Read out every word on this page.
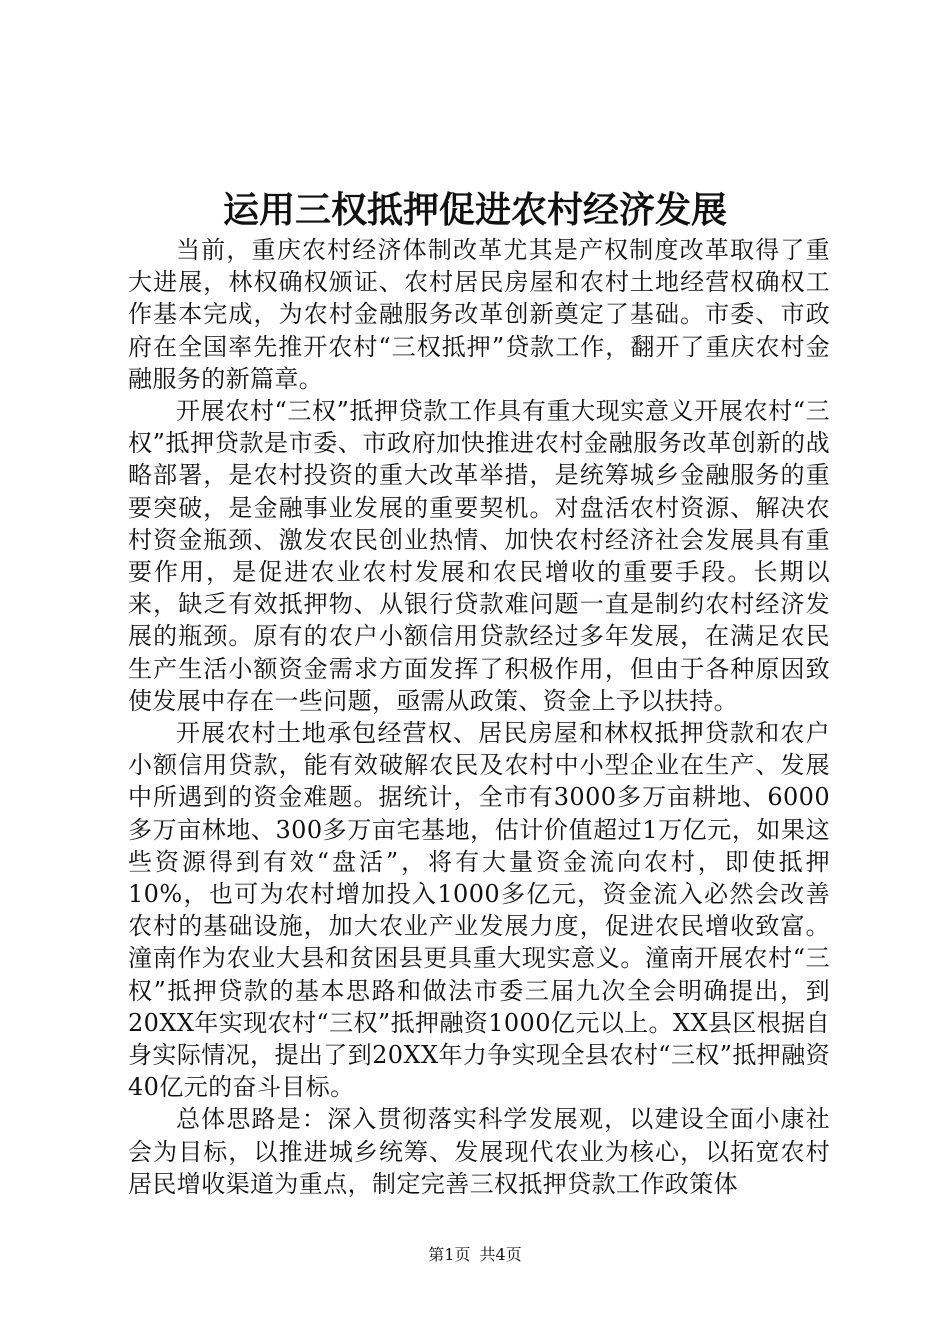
运用三权抵押促进农村经济发展

当前，重庆农村经济体制改革尤其是产权制度改革取得了重大进展，林权确权颁证、农村居民房屋和农村土地经营权确权工作基本完成，为农村金融服务改革创新奠定了基础。市委、市政府在全国率先推开农村“三权抵押”贷款工作，翻开了重庆农村金融服务的新篇章。

开展农村“三权”抵押贷款工作具有重大现实意义开展农村“三权”抵押贷款是市委、市政府加快推进农村金融服务改革创新的战略部署，是农村投资的重大改革举措，是统筹城乡金融服务的重要突破，是金融事业发展的重要契机。对盘活农村资源、解决农村资金瓶颈、激发农民创业热情、加快农村经济社会发展具有重要作用，是促进农业农村发展和农民增收的重要手段。长期以来，缺乏有效抵押物、从银行贷款难问题一直是制约农村经济发展的瓶颈。原有的农户小额信用贷款经过多年发展，在满足农民生产生活小额资金需求方面发挥了积极作用，但由于各种原因致使发展中存在一些问题，亟需从政策、资金上予以扶持。

开展农村土地承包经营权、居民房屋和林权抵押贷款和农户小额信用贷款，能有效破解农民及农村中小型企业在生产、发展中所遇到的资金难题。据统计，全市有3000多万亩耕地、6000多万亩林地、300多万亩宅基地，估计价值超过1万亿元，如果这些资源得到有效“盘活”，将有大量资金流向农村，即使抵押10%，也可为农村增加投入1000多亿元，资金流入必然会改善农村的基础设施，加大农业产业发展力度，促进农民增收致富。潼南作为农业大县和贫困县更具重大现实意义。潼南开展农村“三权”抵押贷款的基本思路和做法市委三届九次全会明确提出，到20XX年实现农村“三权”抵押融资1000亿元以上。XX县区根据自身实际情况，提出了到20XX年力争实现全县农村“三权”抵押融资40亿元的奋斗目标。

总体思路是：深入贯彻落实科学发展观，以建设全面小康社会为目标，以推进城乡统筹、发展现代农业为核心，以拓宽农村居民增收渠道为重点，制定完善三权抵押贷款工作政策体

第1页 共4页
